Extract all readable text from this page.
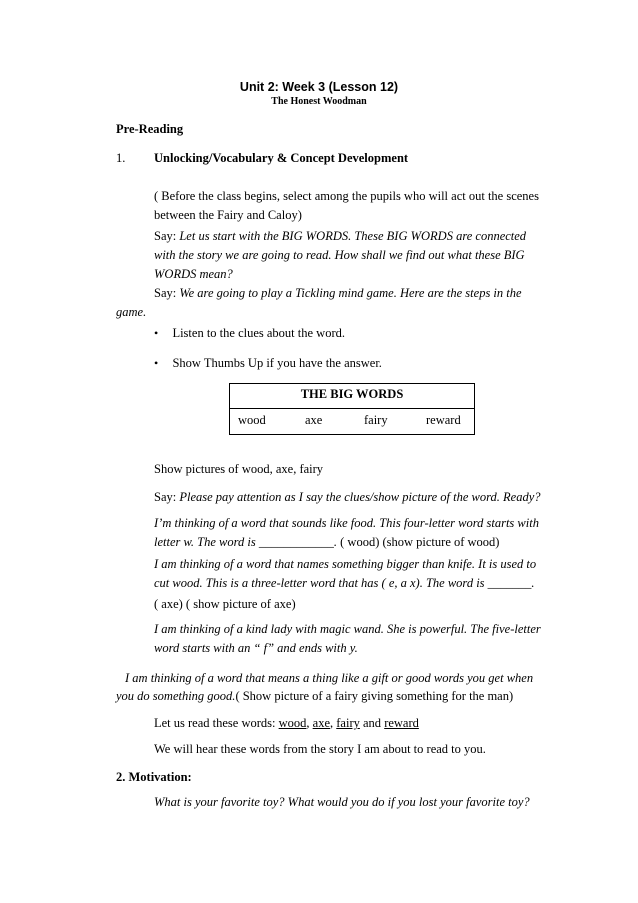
Unit 2: Week 3 (Lesson 12)
The Honest Woodman
Pre-Reading
1. Unlocking/Vocabulary & Concept Development
( Before the class begins, select among the pupils who will act out the scenes
between the Fairy and Caloy)
Say: Let us start with the BIG WORDS. These BIG WORDS are connected
with the story we are going to read. How shall we find out what these BIG
WORDS mean?
Say: We are going to play a Tickling mind game. Here are the steps in the
game.
• Listen to the clues about the word.
• Show Thumbs Up if you have the answer.
THE BIG WORDS
wood	axe	fairy	reward
Show pictures of wood, axe, fairy
Say: Please pay attention as I say the clues/show picture of the word. Ready?
I’m thinking of a word that sounds like food. This four-letter word starts with
letter w. The word is ____________. ( wood) (show picture of wood)
I am thinking of a word that names something bigger than knife. It is used to
cut wood. This is a three-letter word that has ( e, a x). The word is _______.
( axe) ( show picture of axe)
I am thinking of a kind lady with magic wand. She is powerful. The five-letter
word starts with an “ f” and ends with y.
I am thinking of a word that means a thing like a gift or good words you get when
you do something good.( Show picture of a fairy giving something for the man)
Let us read these words: wood, axe, fairy and reward
We will hear these words from the story I am about to read to you.
2. Motivation:
What is your favorite toy? What would you do if you lost your favorite toy?
